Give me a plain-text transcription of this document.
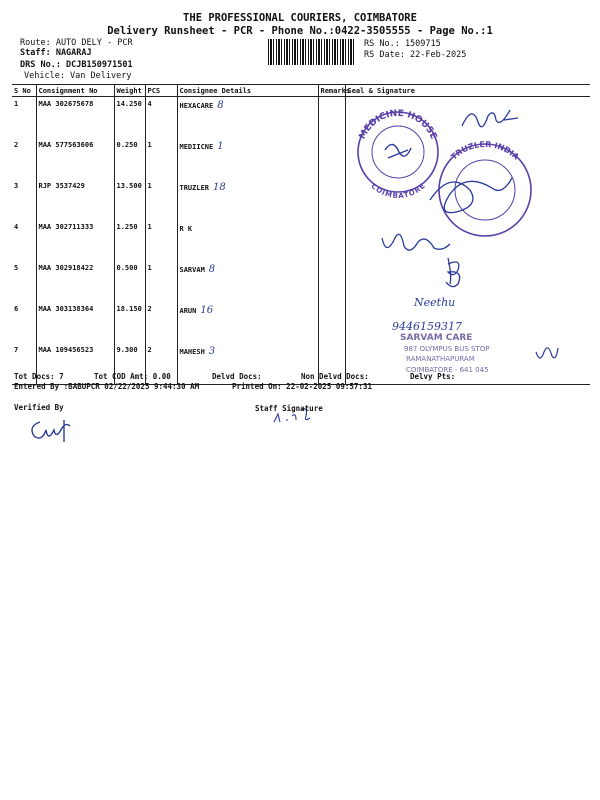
THE PROFESSIONAL COURIERS, COIMBATORE
Delivery Runsheet - PCR - Phone No.:0422-3505555 - Page No.:1
Route: AUTO DELY - PCR
Staff: NAGARAJ
DRS No.: DCJB150971501
Vehicle: Van Delivery
RS No.: 1509715
RS Date: 22-Feb-2025
S No	Consignment No	Weight	PCS	Consignee Details	Remarks	Seal & Signature
1	MAA 302675678	14.250	4	HEXACARE 8		
2	MAA 577563606	0.250	1	MEDIICNE 1		
3	RJP 3537429	13.500	1	TRUZLER 18		
4	MAA 302711333	1.250	1	R K		
5	MAA 302918422	0.500	1	SARVAM 8		
6	MAA 303138364	18.150	2	ARUN 16		
7	MAA 109456523	9.300	2	MAHESH 3		
MEDICINE HOUSE
COIMBATORE
TRUZLER INDIA
Neethu
9446159317
SARVAM CARE
987 OLYMPUS BUS STOP
RAMANATHAPURAM
COIMBATORE - 641 045
Tot Docs: 7	Tot COD Amt: 0.00	Delvd Docs:	Non Delvd Docs:	Delvy Pts:
Entered By :BABUPCR 02/22/2025 9:44:30 AM	Printed On: 22-02-2025 09:57:31
Verified By	Staff Signature
